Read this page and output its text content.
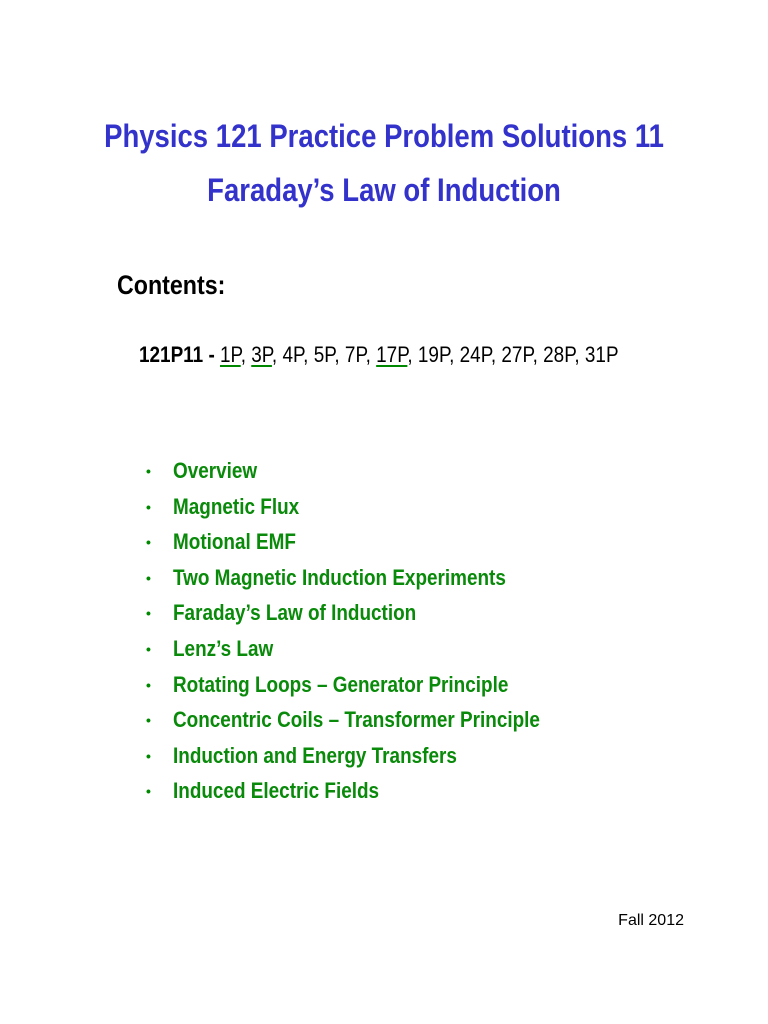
Physics 121 Practice Problem Solutions 11
Faraday’s Law of Induction
Contents:
121P11 - 1P, 3P, 4P, 5P, 7P, 17P, 19P, 24P, 27P, 28P, 31P
• Overview
• Magnetic Flux
• Motional EMF
• Two Magnetic Induction Experiments
• Faraday’s Law of Induction
• Lenz’s Law
• Rotating Loops – Generator Principle
• Concentric Coils – Transformer Principle
• Induction and Energy Transfers
• Induced Electric Fields
Fall 2012
